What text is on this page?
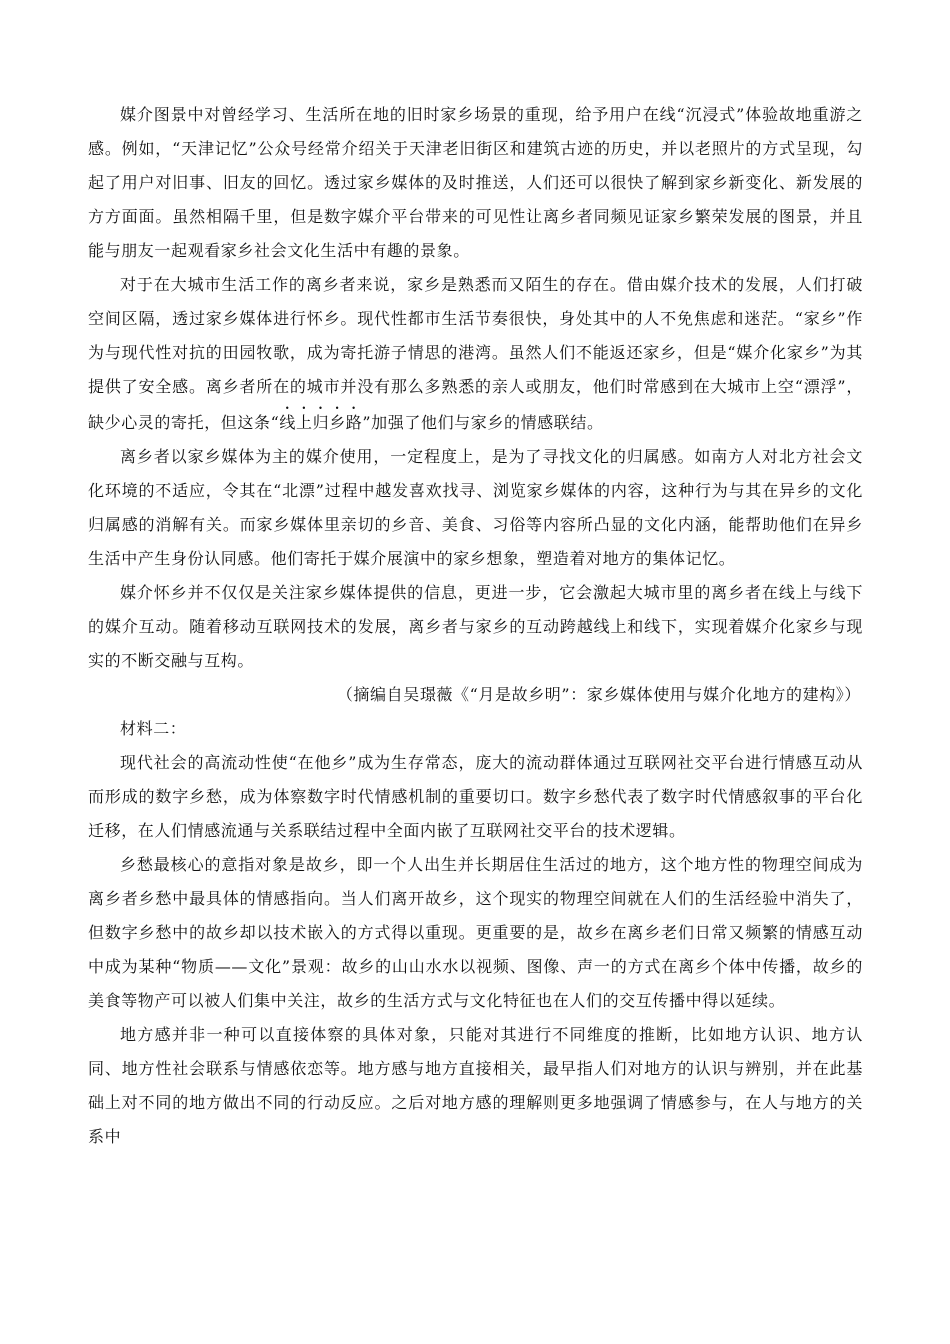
媒介图景中对曾经学习、生活所在地的旧时家乡场景的重现，给予用户在线“沉浸式”体验故地重游之感。例如，“天津记忆”公众号经常介绍关于天津老旧街区和建筑古迹的历史，并以老照片的方式呈现，勾起了用户对旧事、旧友的回忆。透过家乡媒体的及时推送，人们还可以很快了解到家乡新变化、新发展的方方面面。虽然相隔千里，但是数字媒介平台带来的可见性让离乡者同频见证家乡繁荣发展的图景，并且能与朋友一起观看家乡社会文化生活中有趣的景象。

对于在大城市生活工作的离乡者来说，家乡是熟悉而又陌生的存在。借由媒介技术的发展，人们打破空间区隔，透过家乡媒体进行怀乡。现代性都市生活节奏很快，身处其中的人不免焦虑和迷茫。“家乡”作为与现代性对抗的田园牧歌，成为寄托游子情思的港湾。虽然人们不能返还家乡，但是“媒介化家乡”为其提供了安全感。离乡者所在的城市并没有那么多熟悉的亲人或朋友，他们时常感到在大城市上空“漂浮”，缺少心灵的寄托，但这条“线上归乡路”加强了他们与家乡的情感联结。

离乡者以家乡媒体为主的媒介使用，一定程度上，是为了寻找文化的归属感。如南方人对北方社会文化环境的不适应，令其在“北漂”过程中越发喜欢找寻、浏览家乡媒体的内容，这种行为与其在异乡的文化归属感的消解有关。而家乡媒体里亲切的乡音、美食、习俗等内容所凸显的文化内涵，能帮助他们在异乡生活中产生身份认同感。他们寄托于媒介展演中的家乡想象，塑造着对地方的集体记忆。

媒介怀乡并不仅仅是关注家乡媒体提供的信息，更进一步，它会激起大城市里的离乡者在线上与线下的媒介互动。随着移动互联网技术的发展，离乡者与家乡的互动跨越线上和线下，实现着媒介化家乡与现实的不断交融与互构。

（摘编自吴璟薇《“月是故乡明”：家乡媒体使用与媒介化地方的建构》）

材料二：

现代社会的高流动性使“在他乡”成为生存常态，庞大的流动群体通过互联网社交平台进行情感互动从而形成的数字乡愁，成为体察数字时代情感机制的重要切口。数字乡愁代表了数字时代情感叙事的平台化迁移，在人们情感流通与关系联结过程中全面内嵌了互联网社交平台的技术逻辑。

乡愁最核心的意指对象是故乡，即一个人出生并长期居住生活过的地方，这个地方性的物理空间成为离乡者乡愁中最具体的情感指向。当人们离开故乡，这个现实的物理空间就在人们的生活经验中消失了，但数字乡愁中的故乡却以技术嵌入的方式得以重现。更重要的是，故乡在离乡老们日常又频繁的情感互动中成为某种“物质——文化”景观：故乡的山山水水以视频、图像、声一的方式在离乡个体中传播，故乡的美食等物产可以被人们集中关注，故乡的生活方式与文化特征也在人们的交互传播中得以延续。

地方感并非一种可以直接体察的具体对象，只能对其进行不同维度的推断，比如地方认识、地方认同、地方性社会联系与情感依恋等。地方感与地方直接相关，最早指人们对地方的认识与辨别，并在此基础上对不同的地方做出不同的行动反应。之后对地方感的理解则更多地强调了情感参与，在人与地方的关系中
